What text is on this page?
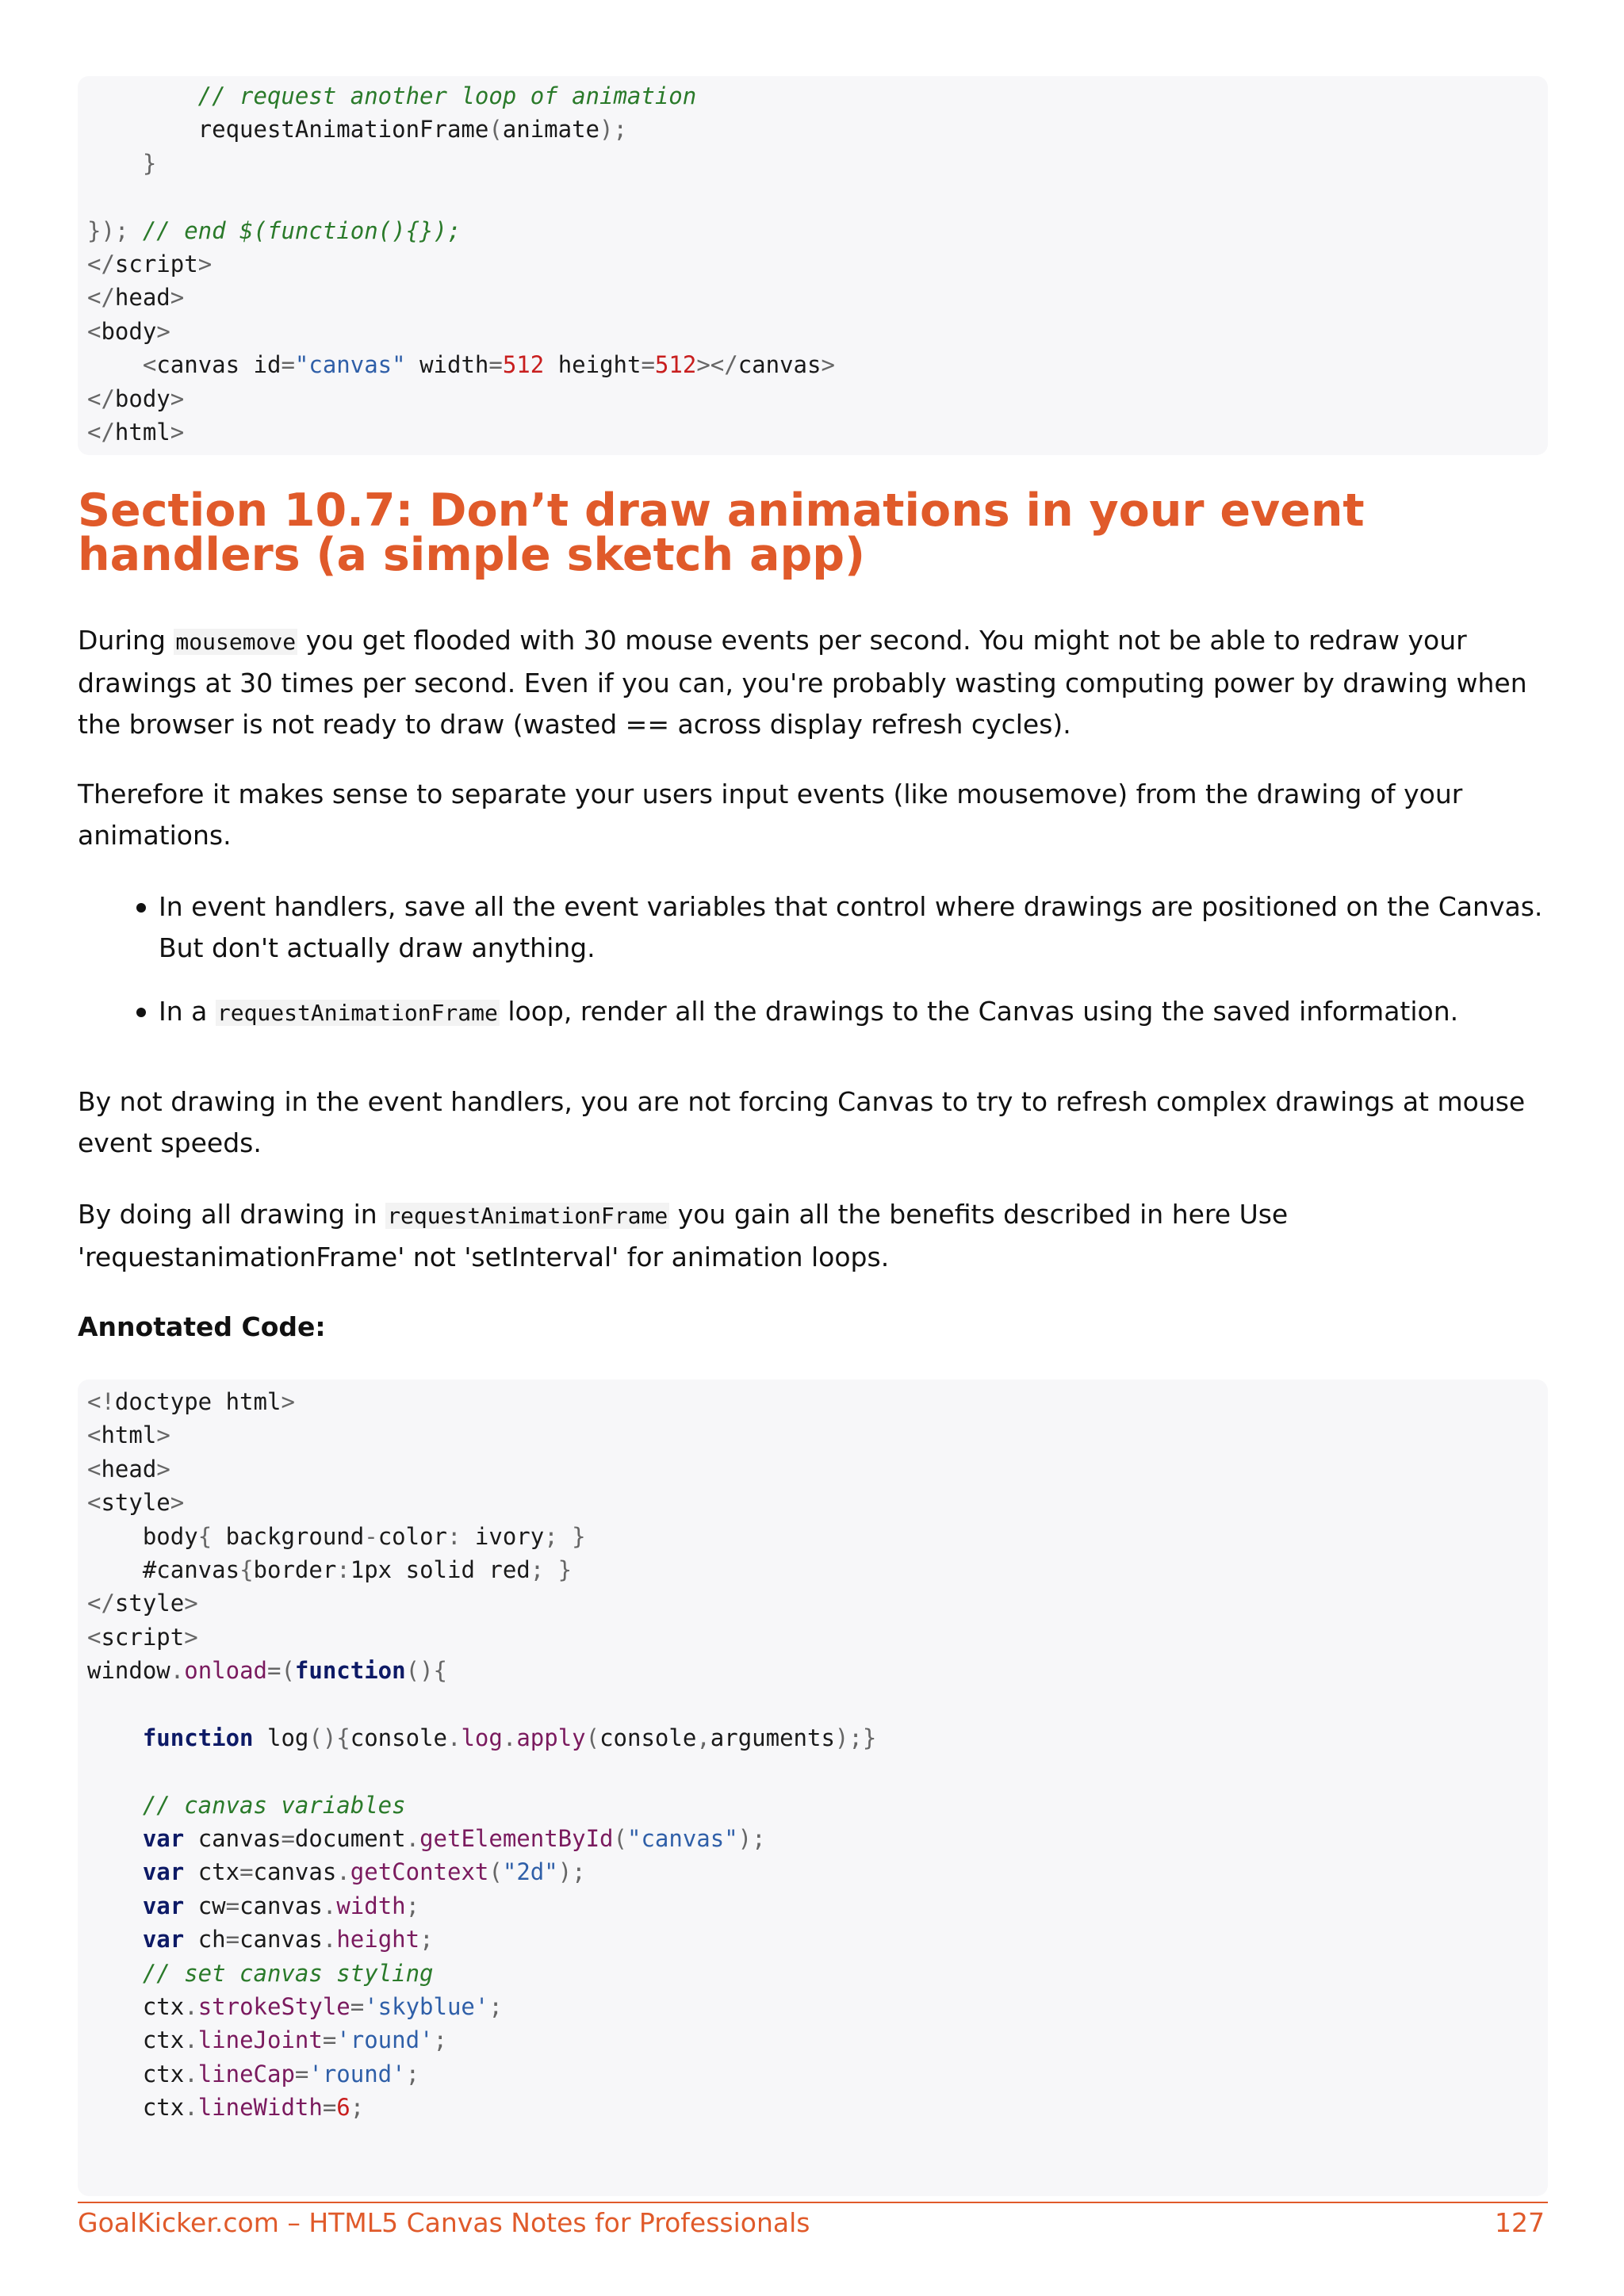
// request another loop of animation
requestAnimationFrame(animate);
}
}); // end $(function(){});
</script>
</head>
<body>
<canvas id="canvas" width=512 height=512></canvas>
</body>
</html>
Section 10.7: Don’t draw animations in your event handlers (a simple sketch app)

During mousemove you get flooded with 30 mouse events per second. You might not be able to redraw your drawings at 30 times per second. Even if you can, you're probably wasting computing power by drawing when the browser is not ready to draw (wasted == across display refresh cycles).

Therefore it makes sense to separate your users input events (like mousemove) from the drawing of your animations.

In event handlers, save all the event variables that control where drawings are positioned on the Canvas. But don't actually draw anything.

In a requestAnimationFrame loop, render all the drawings to the Canvas using the saved information.

By not drawing in the event handlers, you are not forcing Canvas to try to refresh complex drawings at mouse event speeds.

By doing all drawing in requestAnimationFrame you gain all the benefits described in here Use 'requestanimationFrame' not 'setInterval' for animation loops.

Annotated Code:

<!doctype html>
<html>
<head>
<style>
body{ background-color: ivory; }
#canvas{border:1px solid red; }
</style>
<script>
window.onload=(function(){
function log(){console.log.apply(console,arguments);}
// canvas variables
var canvas=document.getElementById("canvas");
var ctx=canvas.getContext("2d");
var cw=canvas.width;
var ch=canvas.height;
// set canvas styling
ctx.strokeStyle='skyblue';
ctx.lineJoint='round';
ctx.lineCap='round';
ctx.lineWidth=6;
GoalKicker.com – HTML5 Canvas Notes for Professionals	127
